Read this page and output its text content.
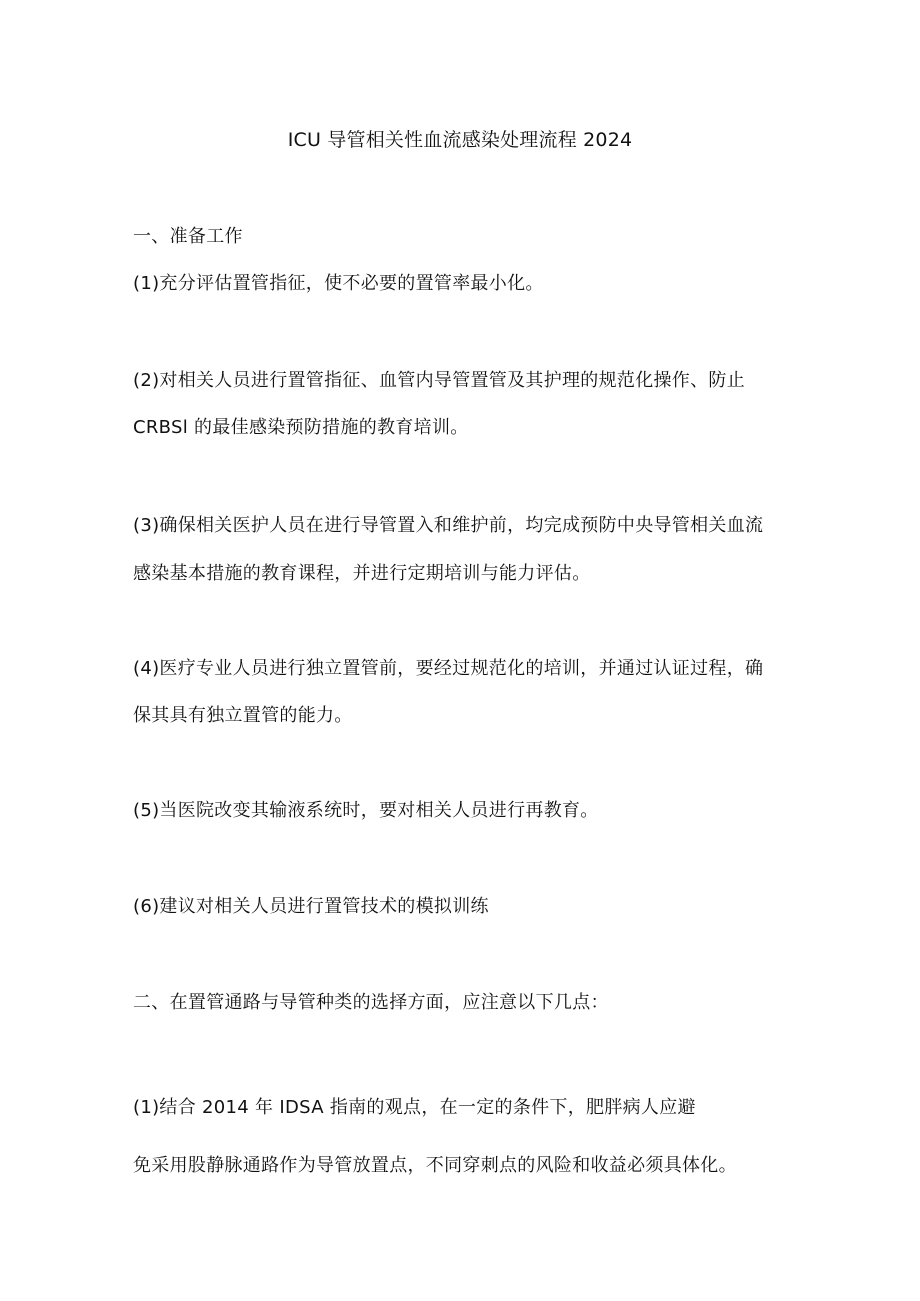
ICU 导管相关性血流感染处理流程 2024
一、准备工作
(1)充分评估置管指征，使不必要的置管率最小化。
(2)对相关人员进行置管指征、血管内导管置管及其护理的规范化操作、防止
CRBSl 的最佳感染预防措施的教育培训。
(3)确保相关医护人员在进行导管置入和维护前，均完成预防中央导管相关血流
感染基本措施的教育课程，并进行定期培训与能力评估。
(4)医疗专业人员进行独立置管前，要经过规范化的培训，并通过认证过程，确
保其具有独立置管的能力。
(5)当医院改变其输液系统时，要对相关人员进行再教育。
(6)建议对相关人员进行置管技术的模拟训练
二、在置管通路与导管种类的选择方面，应注意以下几点：
(1)结合 2014 年 IDSA 指南的观点，在一定的条件下，肥胖病人应避
免采用股静脉通路作为导管放置点，不同穿刺点的风险和收益必须具体化。
